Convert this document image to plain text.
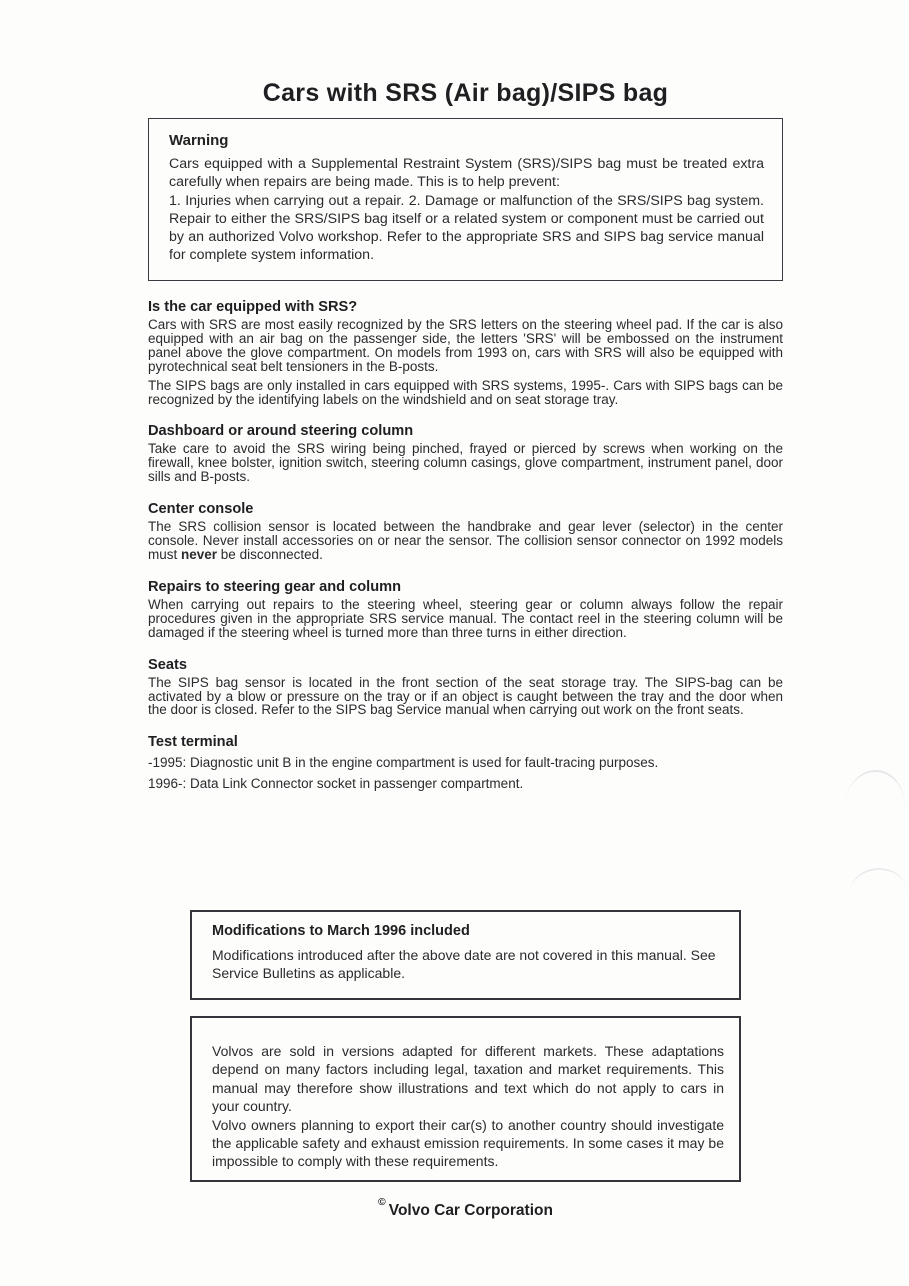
Cars with SRS (Air bag)/SIPS bag
Warning

Cars equipped with a Supplemental Restraint System (SRS)/SIPS bag must be treated extra carefully when repairs are being made. This is to help prevent:

1. Injuries when carrying out a repair. 2. Damage or malfunction of the SRS/SIPS bag system. Repair to either the SRS/SIPS bag itself or a related system or component must be carried out by an authorized Volvo workshop. Refer to the appropriate SRS and SIPS bag service manual for complete system information.

Is the car equipped with SRS?

Cars with SRS are most easily recognized by the SRS letters on the steering wheel pad. If the car is also equipped with an air bag on the passenger side, the letters 'SRS' will be embossed on the instrument panel above the glove compartment. On models from 1993 on, cars with SRS will also be equipped with pyrotechnical seat belt tensioners in the B-posts.

The SIPS bags are only installed in cars equipped with SRS systems, 1995-. Cars with SIPS bags can be recognized by the identifying labels on the windshield and on seat storage tray.

Dashboard or around steering column

Take care to avoid the SRS wiring being pinched, frayed or pierced by screws when working on the firewall, knee bolster, ignition switch, steering column casings, glove compartment, instrument panel, door sills and B-posts.

Center console

The SRS collision sensor is located between the handbrake and gear lever (selector) in the center console. Never install accessories on or near the sensor. The collision sensor connector on 1992 models must never be disconnected.

Repairs to steering gear and column

When carrying out repairs to the steering wheel, steering gear or column always follow the repair procedures given in the appropriate SRS service manual. The contact reel in the steering column will be damaged if the steering wheel is turned more than three turns in either direction.

Seats

The SIPS bag sensor is located in the front section of the seat storage tray. The SIPS-bag can be activated by a blow or pressure on the tray or if an object is caught between the tray and the door when the door is closed. Refer to the SIPS bag Service manual when carrying out work on the front seats.

Test terminal

-1995: Diagnostic unit B in the engine compartment is used for fault-tracing purposes.

1996-: Data Link Connector socket in passenger compartment.

Modifications to March 1996 included

Modifications introduced after the above date are not covered in this manual. See Service Bulletins as applicable.

Volvos are sold in versions adapted for different markets. These adaptations depend on many factors including legal, taxation and market requirements. This manual may therefore show illustrations and text which do not apply to cars in your country.

Volvo owners planning to export their car(s) to another country should investigate the applicable safety and exhaust emission requirements. In some cases it may be impossible to comply with these requirements.

©Volvo Car Corporation
